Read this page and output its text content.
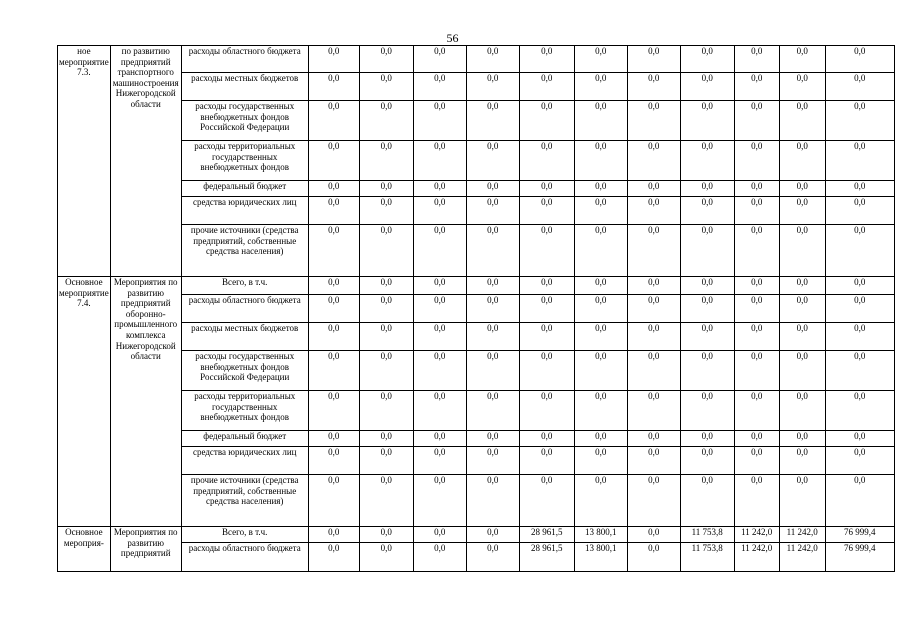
56
ное мероприятие 7.3.	по развитию предприятий транспортного машиностроения Нижегородской области	расходы областного бюджета	0,0	0,0	0,0	0,0	0,0	0,0	0,0	0,0	0,0	0,0	0,0
		расходы местных бюджетов	0,0	0,0	0,0	0,0	0,0	0,0	0,0	0,0	0,0	0,0	0,0
		расходы государственных внебюджетных фондов Российской Федерации	0,0	0,0	0,0	0,0	0,0	0,0	0,0	0,0	0,0	0,0	0,0
		расходы территориальных государственных внебюджетных фондов	0,0	0,0	0,0	0,0	0,0	0,0	0,0	0,0	0,0	0,0	0,0
		федеральный бюджет	0,0	0,0	0,0	0,0	0,0	0,0	0,0	0,0	0,0	0,0	0,0
		средства юридических лиц	0,0	0,0	0,0	0,0	0,0	0,0	0,0	0,0	0,0	0,0	0,0
		прочие источники (средства предприятий, собственные средства населения)	0,0	0,0	0,0	0,0	0,0	0,0	0,0	0,0	0,0	0,0	0,0
Основное мероприятие 7.4.	Мероприятия по развитию предприятий оборонно-промышленного комплекса Нижегородской области	Всего, в т.ч.	0,0	0,0	0,0	0,0	0,0	0,0	0,0	0,0	0,0	0,0	0,0
		расходы областного бюджета	0,0	0,0	0,0	0,0	0,0	0,0	0,0	0,0	0,0	0,0	0,0
		расходы местных бюджетов	0,0	0,0	0,0	0,0	0,0	0,0	0,0	0,0	0,0	0,0	0,0
		расходы государственных внебюджетных фондов Российской Федерации	0,0	0,0	0,0	0,0	0,0	0,0	0,0	0,0	0,0	0,0	0,0
		расходы территориальных государственных внебюджетных фондов	0,0	0,0	0,0	0,0	0,0	0,0	0,0	0,0	0,0	0,0	0,0
		федеральный бюджет	0,0	0,0	0,0	0,0	0,0	0,0	0,0	0,0	0,0	0,0	0,0
		средства юридических лиц	0,0	0,0	0,0	0,0	0,0	0,0	0,0	0,0	0,0	0,0	0,0
		прочие источники (средства предприятий, собственные средства населения)	0,0	0,0	0,0	0,0	0,0	0,0	0,0	0,0	0,0	0,0	0,0
Основное мероприя-	Мероприятия по развитию предприятий	Всего, в т.ч.	0,0	0,0	0,0	0,0	28 961,5	13 800,1	0,0	11 753,8	11 242,0	11 242,0	76 999,4
		расходы областного бюджета	0,0	0,0	0,0	0,0	28 961,5	13 800,1	0,0	11 753,8	11 242,0	11 242,0	76 999,4
